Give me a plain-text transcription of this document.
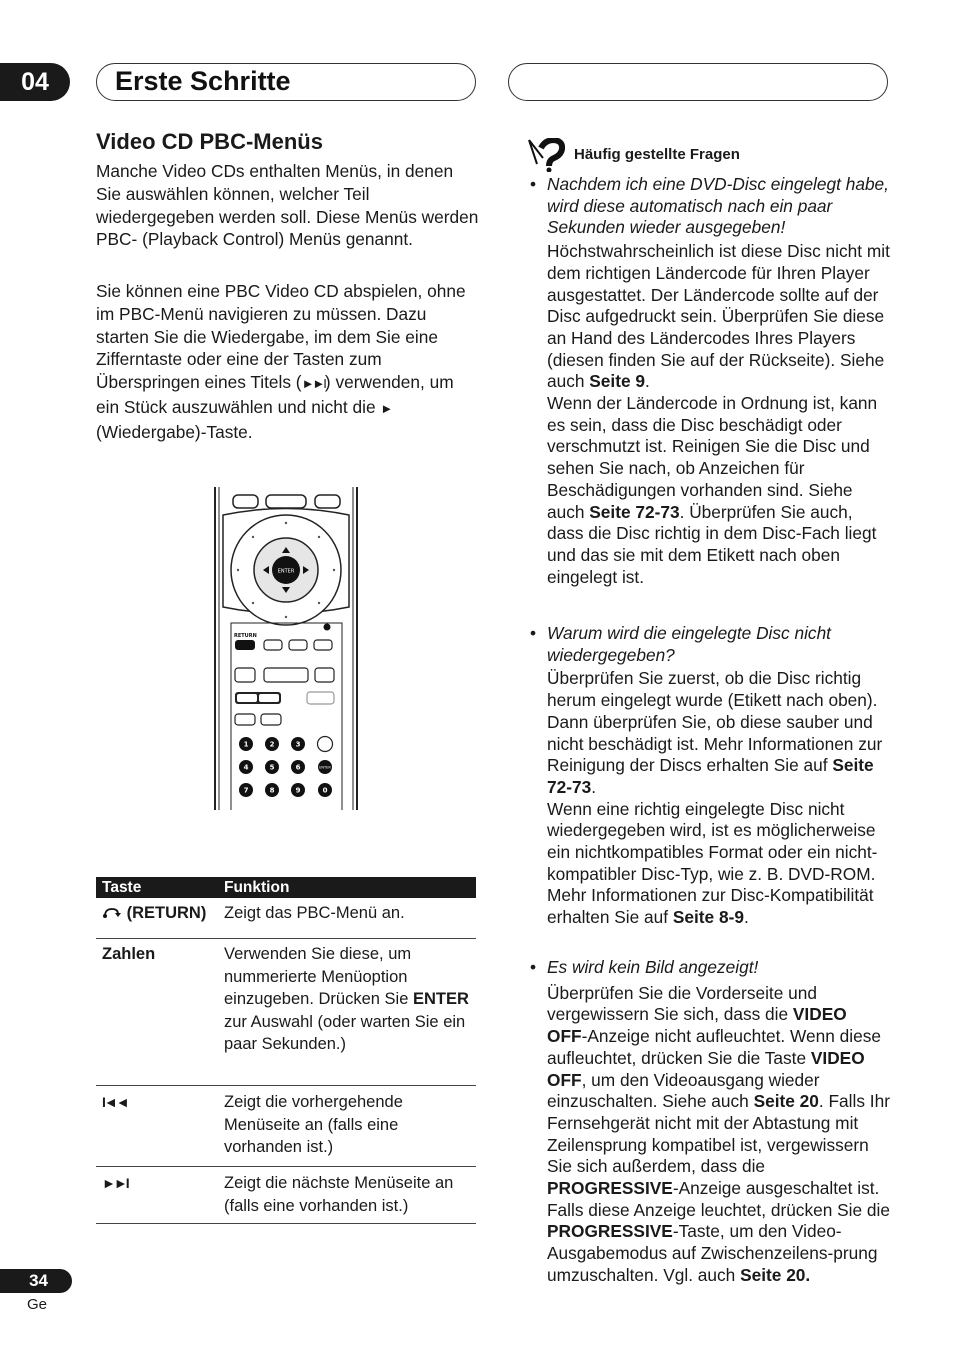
04	Erste Schritte
Video CD PBC-Menüs

Manche Video CDs enthalten Menüs, in denen Sie auswählen können, welcher Teil wiedergegeben werden soll. Diese Menüs werden PBC- (Playback Control) Menüs genannt.

Sie können eine PBC Video CD abspielen, ohne im PBC-Menü navigieren zu müssen. Dazu starten Sie die Wiedergabe, im dem Sie eine Zifferntaste oder eine der Tasten zum Überspringen eines Titels (►►I) verwenden, um ein Stück auszuwählen und nicht die ► (Wiedergabe)-Taste.

ENTER
RETURN
1	2	3
4	5	6
7	8	9	0
ENTER
Taste	Funktion
(RETURN) Zeigt das PBC-Menü an.
Zahlen	Verwenden Sie diese, um nummerierte Menüoption einzugeben. Drücken Sie ENTER zur Auswahl (oder warten Sie ein paar Sekunden.)
I◄◄	Zeigt die vorhergehende Menüseite an (falls eine vorhanden ist.)
►►I	Zeigt die nächste Menüseite an (falls eine vorhanden ist.)
Häufig gestellte Fragen

• Nachdem ich eine DVD-Disc eingelegt habe, wird diese automatisch nach ein paar Sekunden wieder ausgegeben!

Höchstwahrscheinlich ist diese Disc nicht mit dem richtigen Ländercode für Ihren Player ausgestattet. Der Ländercode sollte auf der Disc aufgedruckt sein. Überprüfen Sie diese an Hand des Ländercodes Ihres Players (diesen finden Sie auf der Rückseite). Siehe auch Seite 9.
Wenn der Ländercode in Ordnung ist, kann es sein, dass die Disc beschädigt oder verschmutzt ist. Reinigen Sie die Disc und sehen Sie nach, ob Anzeichen für Beschädigungen vorhanden sind. Siehe auch Seite 72-73. Überprüfen Sie auch, dass die Disc richtig in dem Disc-Fach liegt und das sie mit dem Etikett nach oben eingelegt ist.

• Warum wird die eingelegte Disc nicht wiedergegeben?

Überprüfen Sie zuerst, ob die Disc richtig herum eingelegt wurde (Etikett nach oben). Dann überprüfen Sie, ob diese sauber und nicht beschädigt ist. Mehr Informationen zur Reinigung der Discs erhalten Sie auf Seite 72-73.
Wenn eine richtig eingelegte Disc nicht wiedergegeben wird, ist es möglicherweise ein nichtkompatibles Format oder ein nicht-kompatibler Disc-Typ, wie z. B. DVD-ROM. Mehr Informationen zur Disc-Kompatibilität erhalten Sie auf Seite 8-9.

• Es wird kein Bild angezeigt!

Überprüfen Sie die Vorderseite und vergewissern Sie sich, dass die VIDEO OFF-Anzeige nicht aufleuchtet. Wenn diese aufleuchtet, drücken Sie die Taste VIDEO OFF, um den Videoausgang wieder einzuschalten. Siehe auch Seite 20. Falls Ihr Fernsehgerät nicht mit der Abtastung mit Zeilensprung kompatibel ist, vergewissern Sie sich außerdem, dass die PROGRESSIVE-Anzeige ausgeschaltet ist. Falls diese Anzeige leuchtet, drücken Sie die PROGRESSIVE-Taste, um den Video-Ausgabemodus auf Zwischenzeilens-prung umzuschalten. Vgl. auch Seite 20.

34
Ge
